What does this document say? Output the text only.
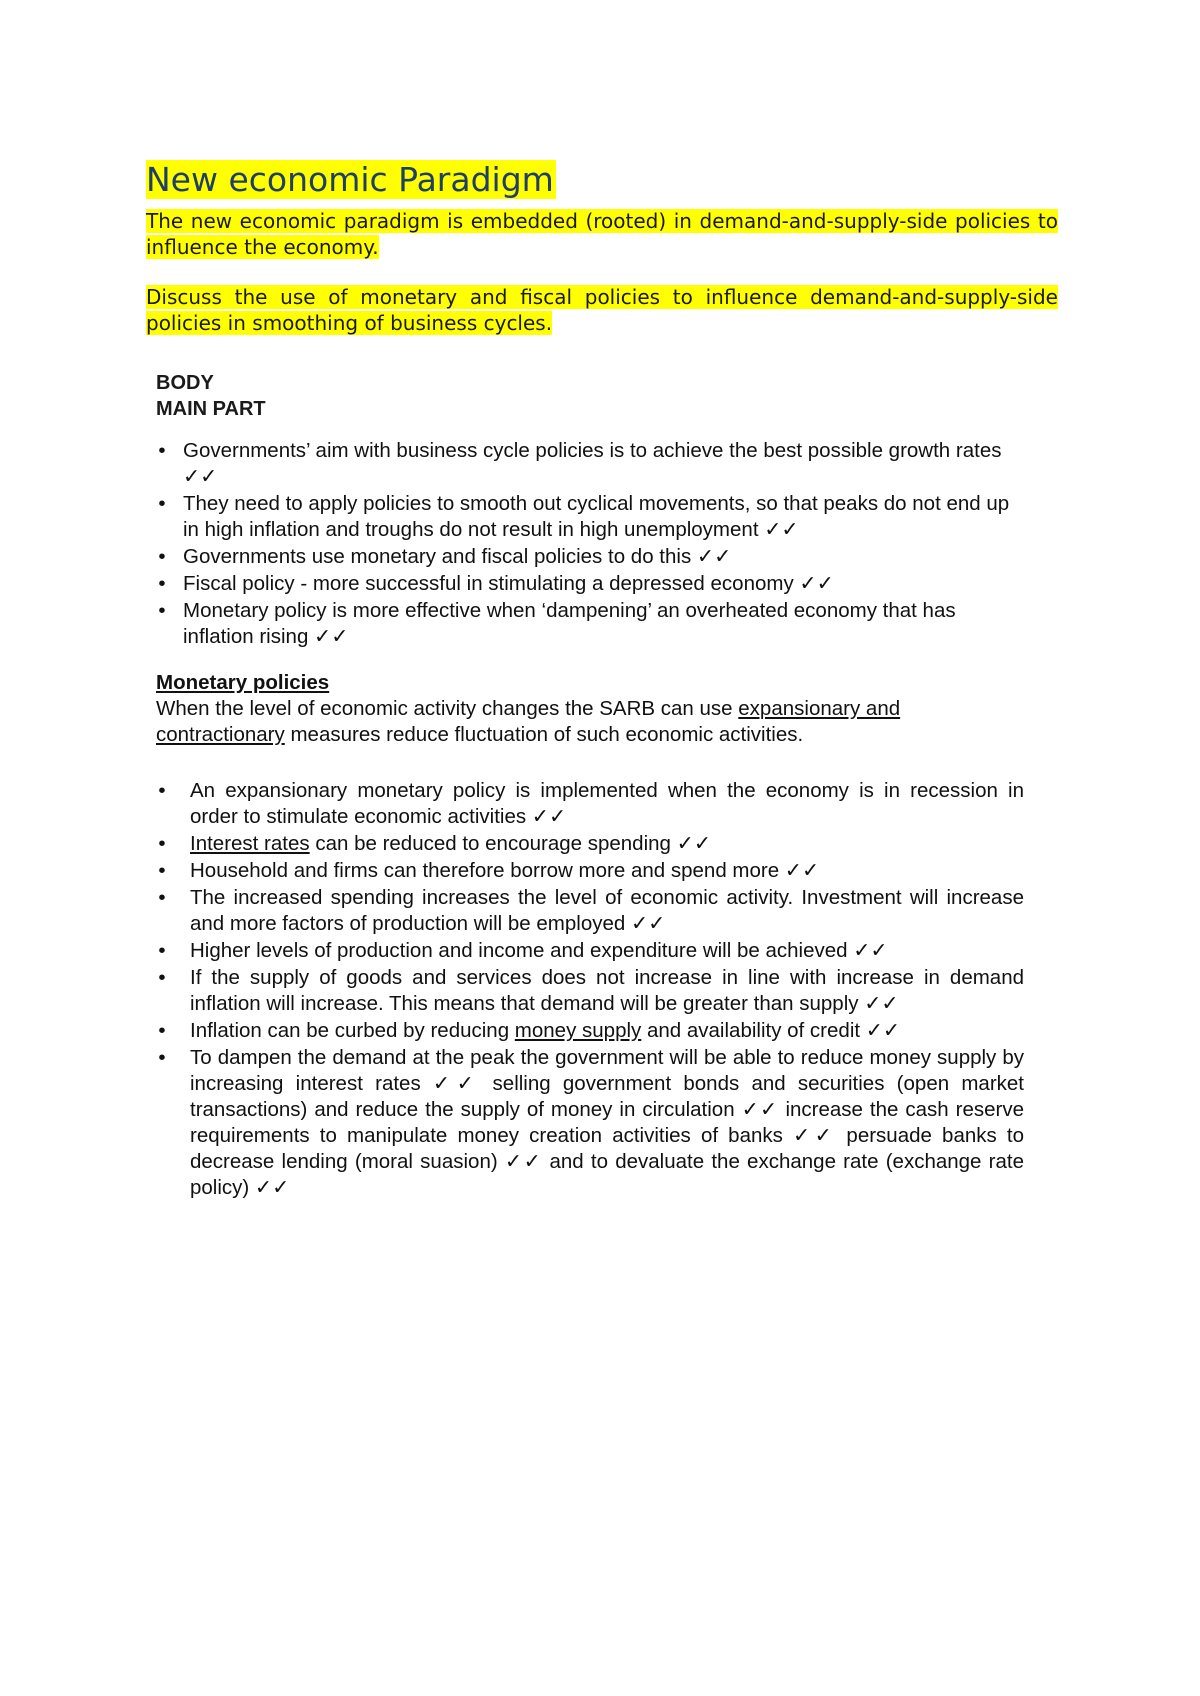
New economic Paradigm

The new economic paradigm is embedded (rooted) in demand-and-supply-side policies to influence the economy.

Discuss the use of monetary and fiscal policies to influence demand-and-supply-side policies in smoothing of business cycles.

BODY

MAIN PART

• Governments’ aim with business cycle policies is to achieve the best possible growth rates ✓✓
• They need to apply policies to smooth out cyclical movements, so that peaks do not end up in high inflation and troughs do not result in high unemployment ✓✓
• Governments use monetary and fiscal policies to do this ✓✓
• Fiscal policy - more successful in stimulating a depressed economy ✓✓
• Monetary policy is more effective when ‘dampening’ an overheated economy that has inflation rising ✓✓

Monetary policies

When the level of economic activity changes the SARB can use expansionary and contractionary measures reduce fluctuation of such economic activities.

• An expansionary monetary policy is implemented when the economy is in recession in order to stimulate economic activities ✓✓
• Interest rates can be reduced to encourage spending ✓✓
• Household and firms can therefore borrow more and spend more ✓✓
• The increased spending increases the level of economic activity. Investment will increase and more factors of production will be employed ✓✓
• Higher levels of production and income and expenditure will be achieved ✓✓
• If the supply of goods and services does not increase in line with increase in demand inflation will increase. This means that demand will be greater than supply ✓✓
• Inflation can be curbed by reducing money supply and availability of credit ✓✓
• To dampen the demand at the peak the government will be able to reduce money supply by increasing interest rates ✓✓ selling government bonds and securities (open market transactions) and reduce the supply of money in circulation ✓✓ increase the cash reserve requirements to manipulate money creation activities of banks ✓✓ persuade banks to decrease lending (moral suasion) ✓✓ and to devaluate the exchange rate (exchange rate policy) ✓✓
